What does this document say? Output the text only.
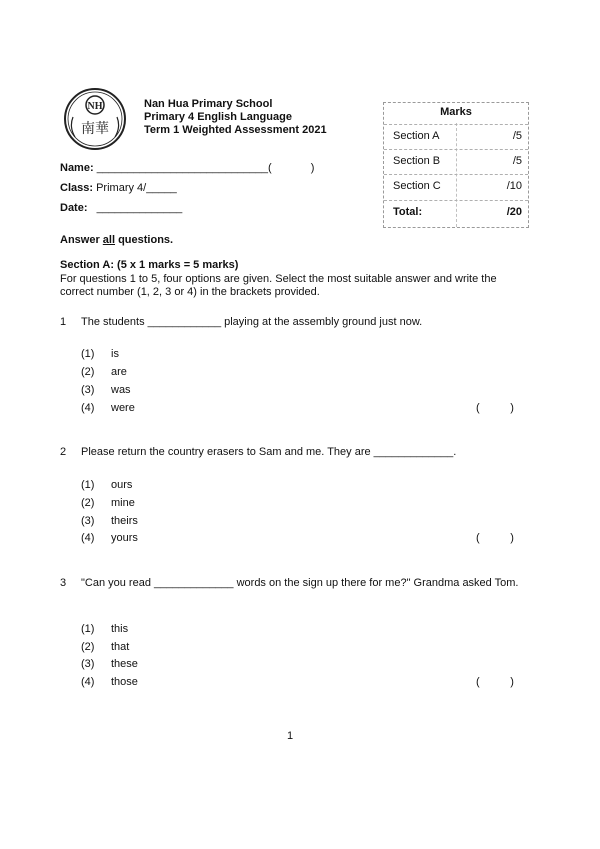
NH
南華
Nan Hua Primary School
Primary 4 English Language
Term 1 Weighted Assessment 2021
Name: ____________________________(	)
Class: Primary 4/_____
Date: ______________
Marks
Section A	/5
Section B	/5
Section C	/10
Total:	/20
Answer all questions.
Section A: (5 x 1 marks = 5 marks)
For questions 1 to 5, four options are given. Select the most suitable answer and write the correct number (1, 2, 3 or 4) in the brackets provided.
1 The students ____________ playing at the assembly ground just now.
(1) is
(2) are
(3) was
(4) were	(          )
2 Please return the country erasers to Sam and me. They are _____________.
(1) ours
(2) mine
(3) theirs
(4) yours	(          )
3 "Can you read _____________ words on the sign up there for me?" Grandma asked Tom.
(1) this
(2) that
(3) these
(4) those	(          )
1
